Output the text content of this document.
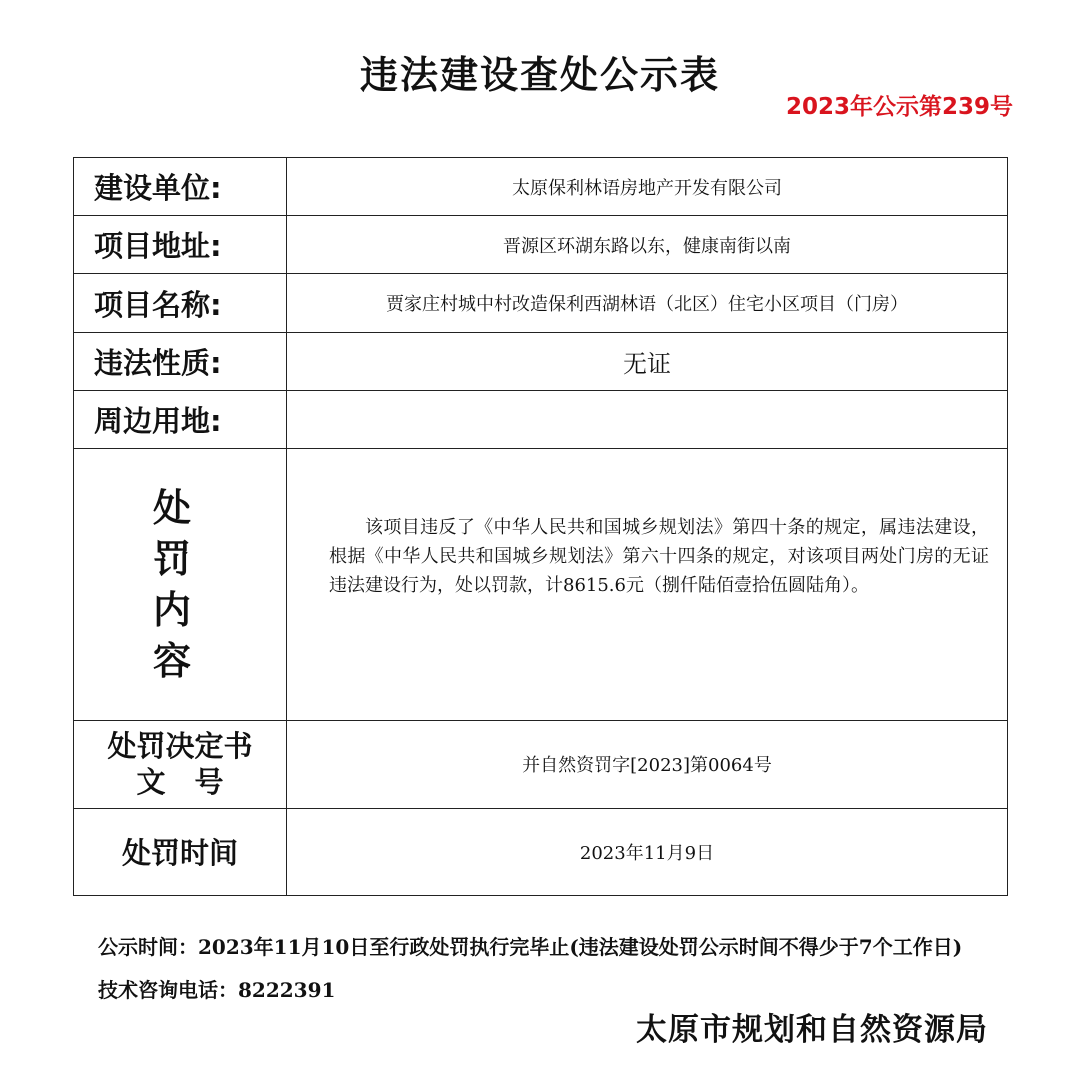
违法建设查处公示表
2023年公示第239号
建设单位:	太原保利林语房地产开发有限公司
项目地址:	晋源区环湖东路以东，健康南街以南
项目名称:	贾家庄村城中村改造保利西湖林语（北区）住宅小区项目（门房）
违法性质:	无证
周边用地:	

处
罚
内
容	该项目违反了《中华人民共和国城乡规划法》第四十条的规定，属违法建设，根据《中华人民共和国城乡规划法》第六十四条的规定，对该项目两处门房的无证违法建设行为，处以罚款，计8615.6元（捌仟陆佰壹拾伍圆陆角）。

处罚决定书
文　号	并自然资罚字[2023]第0064号
处罚时间	2023年11月9日
公示时间：2023年11月10日至行政处罚执行完毕止(违法建设处罚公示时间不得少于7个工作日)
技术咨询电话：8222391
太原市规划和自然资源局
